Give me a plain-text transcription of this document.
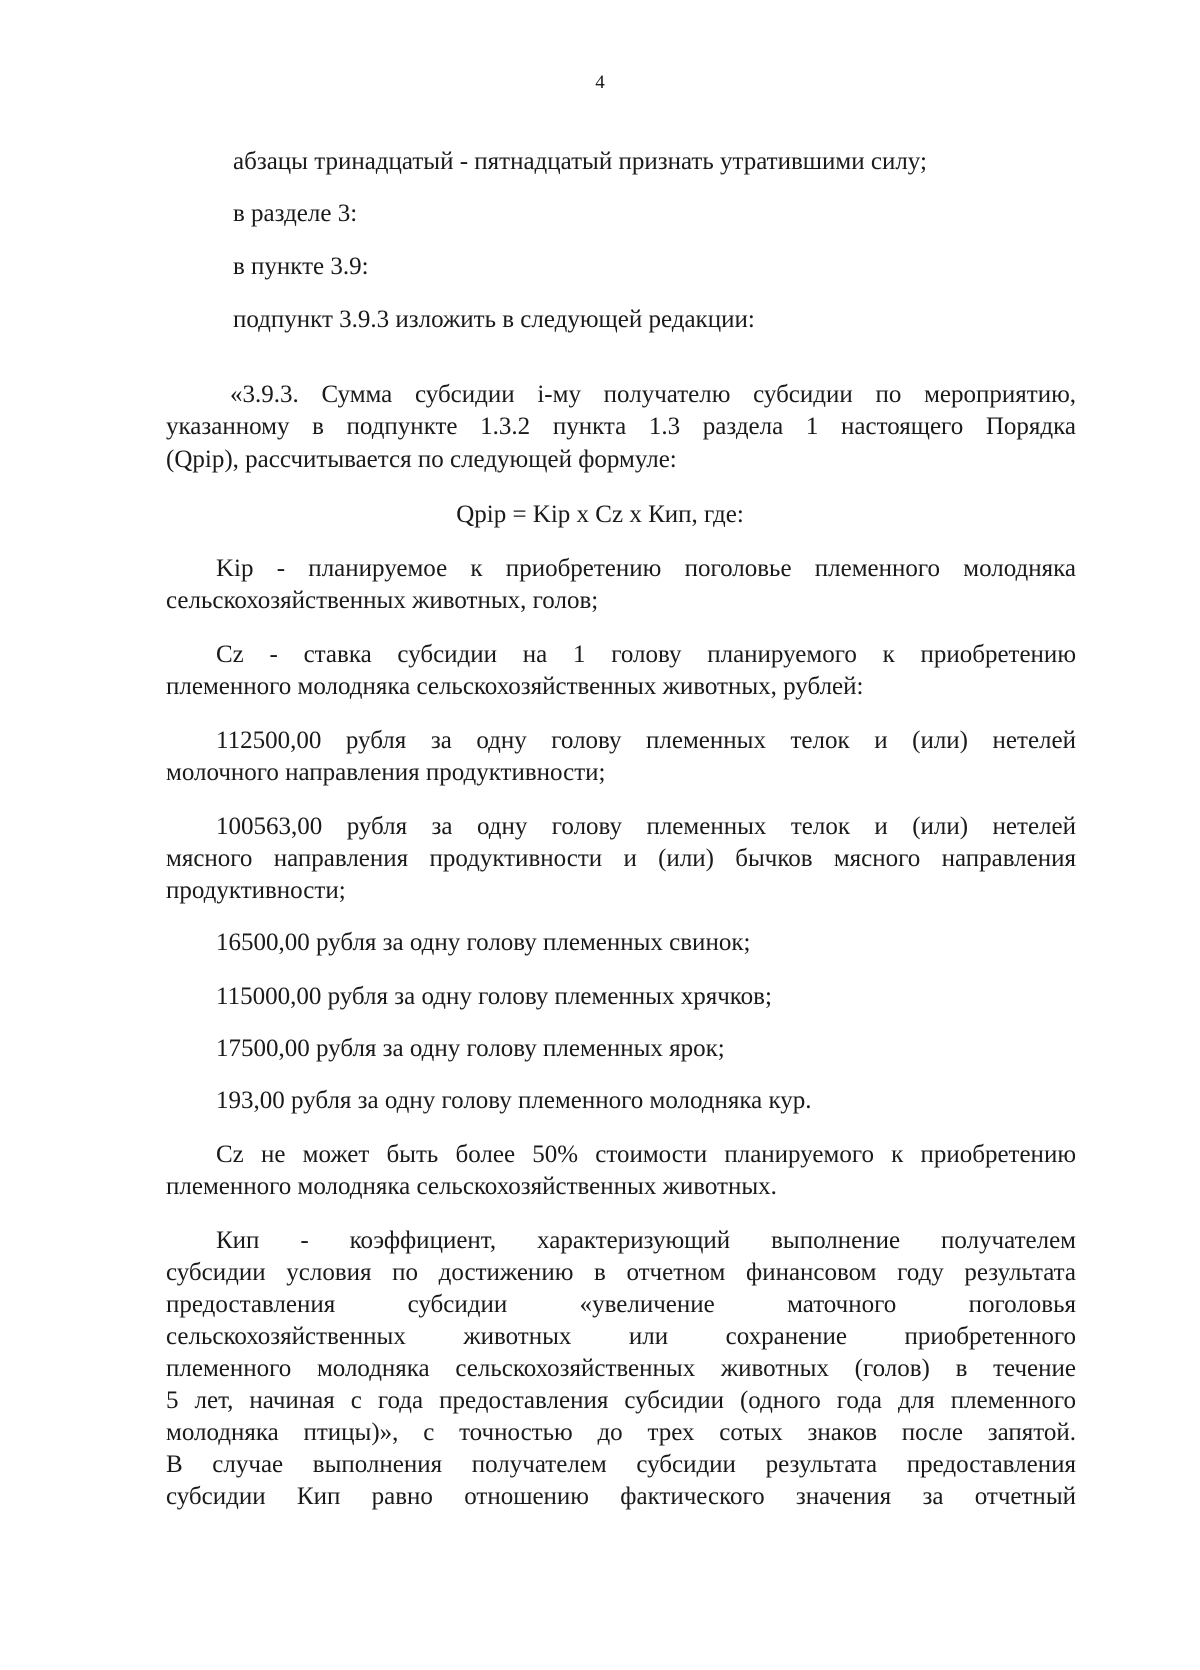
4
абзацы тринадцатый - пятнадцатый признать утратившими силу;
в разделе 3:
в пункте 3.9:
подпункт 3.9.3 изложить в следующей редакции:
«3.9.3. Сумма субсидии i-му получателю субсидии по мероприятию,
указанному в подпункте 1.3.2 пункта 1.3 раздела 1 настоящего Порядка
(Qpip), рассчитывается по следующей формуле:
Qpip = Kip x Cz x Кип, где:
Kip - планируемое к приобретению поголовье племенного молодняка
сельскохозяйственных животных, голов;
Cz - ставка субсидии на 1 голову планируемого к приобретению
племенного молодняка сельскохозяйственных животных, рублей:
112500,00 рубля за одну голову племенных телок и (или) нетелей
молочного направления продуктивности;
100563,00 рубля за одну голову племенных телок и (или) нетелей
мясного направления продуктивности и (или) бычков мясного направления
продуктивности;
16500,00 рубля за одну голову племенных свинок;
115000,00 рубля за одну голову племенных хрячков;
17500,00 рубля за одну голову племенных ярок;
193,00 рубля за одну голову племенного молодняка кур.
Cz не может быть более 50% стоимости планируемого к приобретению
племенного молодняка сельскохозяйственных животных.
Кип - коэффициент, характеризующий выполнение получателем
субсидии условия по достижению в отчетном финансовом году результата
предоставления субсидии «увеличение маточного поголовья
сельскохозяйственных животных или сохранение приобретенного
племенного молодняка сельскохозяйственных животных (голов) в течение
5 лет, начиная с года предоставления субсидии (одного года для племенного
молодняка птицы)», с точностью до трех сотых знаков после запятой.
В случае выполнения получателем субсидии результата предоставления
субсидии Кип равно отношению фактического значения за отчетный
